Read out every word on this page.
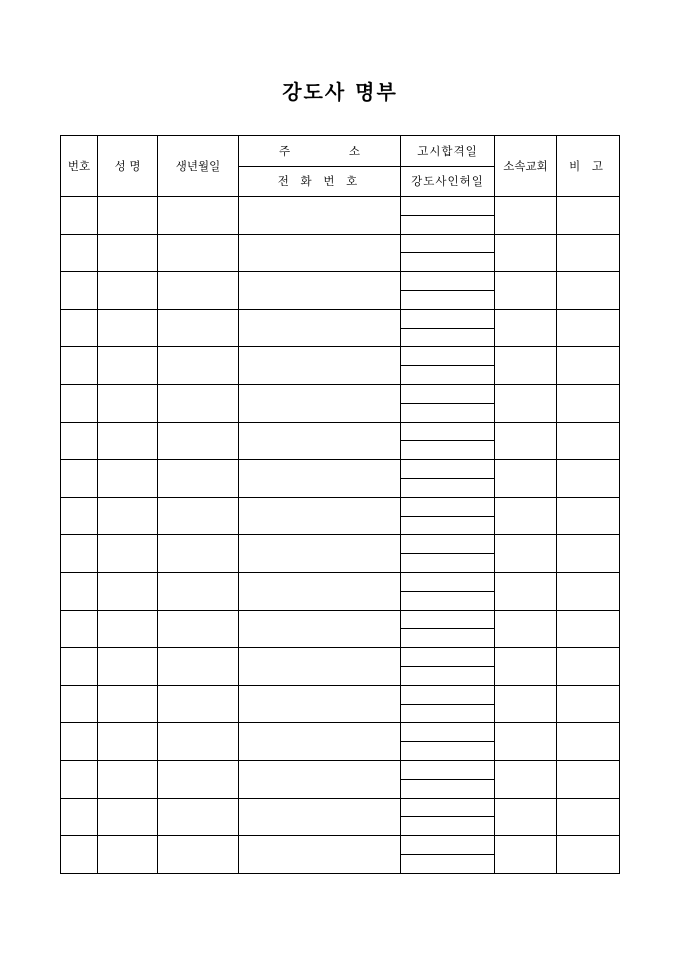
강도사 명부
번호	성 명	생년월일	주 소	고시합격일	소속교회	비 고
			전 화 번 호	강도사인허일		
